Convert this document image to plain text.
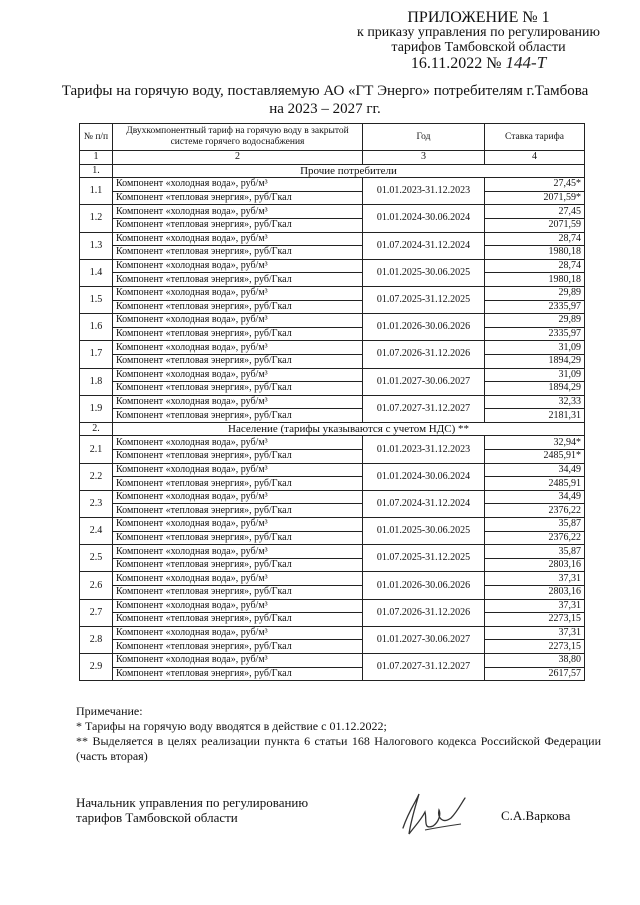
ПРИЛОЖЕНИЕ № 1
к приказу управления по регулированию
тарифов Тамбовской области
16.11.2022 № 144-Т
Тарифы на горячую воду, поставляемую АО «ГТ Энерго» потребителям г.Тамбова
на 2023 – 2027 гг.
№ п/п	Двухкомпонентный тариф на горячую воду в закрытой системе горячего водоснабжения	Год	Ставка тарифа
1	2	3	4
1.	Прочие потребители		
1.1	Компонент «холодная вода», руб/м³	01.01.2023-31.12.2023	27,45*
	Компонент «тепловая энергия», руб/Гкал		2071,59*
1.2	Компонент «холодная вода», руб/м³	01.01.2024-30.06.2024	27,45
	Компонент «тепловая энергия», руб/Гкал		2071,59
1.3	Компонент «холодная вода», руб/м³	01.07.2024-31.12.2024	28,74
	Компонент «тепловая энергия», руб/Гкал		1980,18
1.4	Компонент «холодная вода», руб/м³	01.01.2025-30.06.2025	28,74
	Компонент «тепловая энергия», руб/Гкал		1980,18
1.5	Компонент «холодная вода», руб/м³	01.07.2025-31.12.2025	29,89
	Компонент «тепловая энергия», руб/Гкал		2335,97
1.6	Компонент «холодная вода», руб/м³	01.01.2026-30.06.2026	29,89
	Компонент «тепловая энергия», руб/Гкал		2335,97
1.7	Компонент «холодная вода», руб/м³	01.07.2026-31.12.2026	31,09
	Компонент «тепловая энергия», руб/Гкал		1894,29
1.8	Компонент «холодная вода», руб/м³	01.01.2027-30.06.2027	31,09
	Компонент «тепловая энергия», руб/Гкал		1894,29
1.9	Компонент «холодная вода», руб/м³	01.07.2027-31.12.2027	32,33
	Компонент «тепловая энергия», руб/Гкал		2181,31
2.	Население (тарифы указываются с учетом НДС) **		
2.1	Компонент «холодная вода», руб/м³	01.01.2023-31.12.2023	32,94*
	Компонент «тепловая энергия», руб/Гкал		2485,91*
2.2	Компонент «холодная вода», руб/м³	01.01.2024-30.06.2024	34,49
	Компонент «тепловая энергия», руб/Гкал		2485,91
2.3	Компонент «холодная вода», руб/м³	01.07.2024-31.12.2024	34,49
	Компонент «тепловая энергия», руб/Гкал		2376,22
2.4	Компонент «холодная вода», руб/м³	01.01.2025-30.06.2025	35,87
	Компонент «тепловая энергия», руб/Гкал		2376,22
2.5	Компонент «холодная вода», руб/м³	01.07.2025-31.12.2025	35,87
	Компонент «тепловая энергия», руб/Гкал		2803,16
2.6	Компонент «холодная вода», руб/м³	01.01.2026-30.06.2026	37,31
	Компонент «тепловая энергия», руб/Гкал		2803,16
2.7	Компонент «холодная вода», руб/м³	01.07.2026-31.12.2026	37,31
	Компонент «тепловая энергия», руб/Гкал		2273,15
2.8	Компонент «холодная вода», руб/м³	01.01.2027-30.06.2027	37,31
	Компонент «тепловая энергия», руб/Гкал		2273,15
2.9	Компонент «холодная вода», руб/м³	01.07.2027-31.12.2027	38,80
	Компонент «тепловая энергия», руб/Гкал		2617,57

Примечание:

* Тарифы на горячую воду вводятся в действие с 01.12.2022;

** Выделяется в целях реализации пункта 6 статьи 168 Налогового кодекса Российской Федерации (часть вторая)

Начальник управления по регулированию
тарифов Тамбовской области	С.А.Варкова
